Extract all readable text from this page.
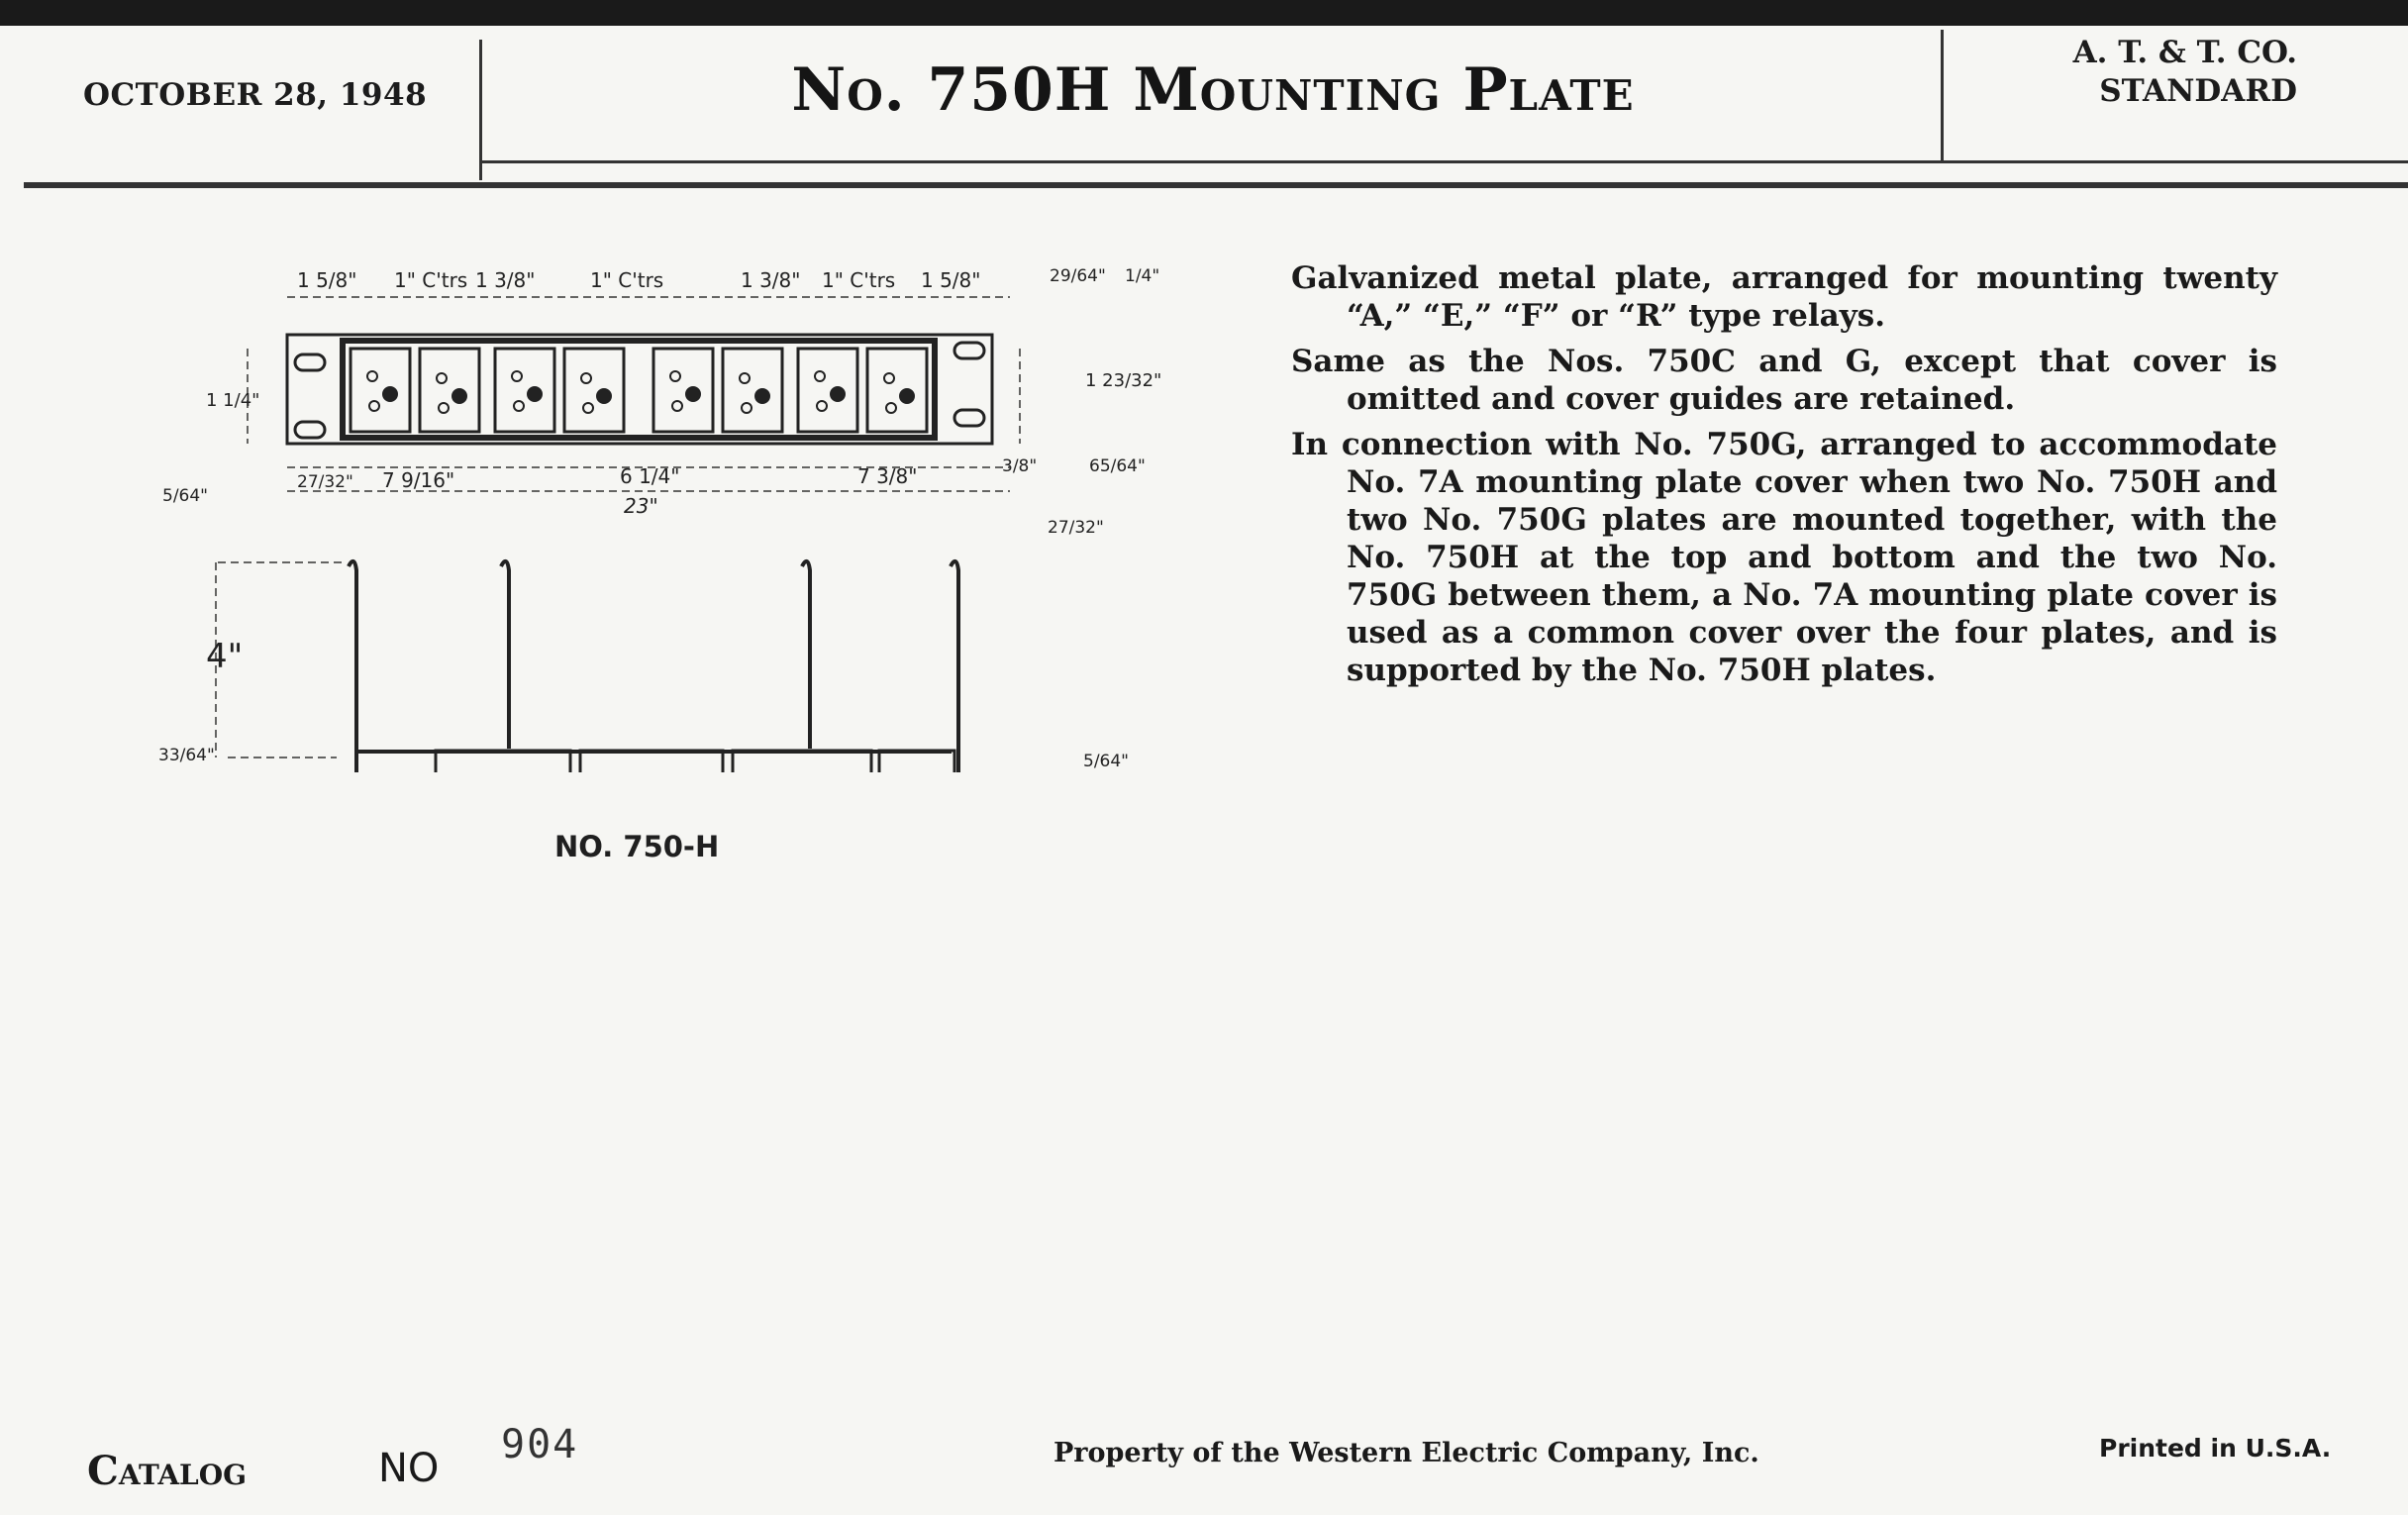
OCTOBER 28, 1948	No. 750H Mounting Plate
A. T. & T. CO.
STANDARD

Galvanized metal plate, arranged for mounting twenty “A,” “E,” “F” or “R” type relays.

Same as the Nos. 750C and G, except that cover is omitted and cover guides are retained.

In connection with No. 750G, arranged to accommodate No. 7A mounting plate cover when two No. 750H and two No. 750G plates are mounted together, with the No. 750H at the top and bottom and the two No. 750G between them, a No. 7A mounting plate cover is used as a common cover over the four plates, and is supported by the No. 750H plates.

1 5/8" 1" C'trs 1 3/8"	1" C'trs	1 3/8" 1" C'trs 1 5/8"	29/64" 1/4"
27/32" 7 9/16"	6 1/4"	7 3/8"
23"
3/8"
27/32"
1 23/32"
65/64"
1 1/4"
5/64"
4"
33/64"	5/64"
NO. 750-H
Catalog	NO
904	Property of the Western Electric Company, Inc.	Printed in U.S.A.
